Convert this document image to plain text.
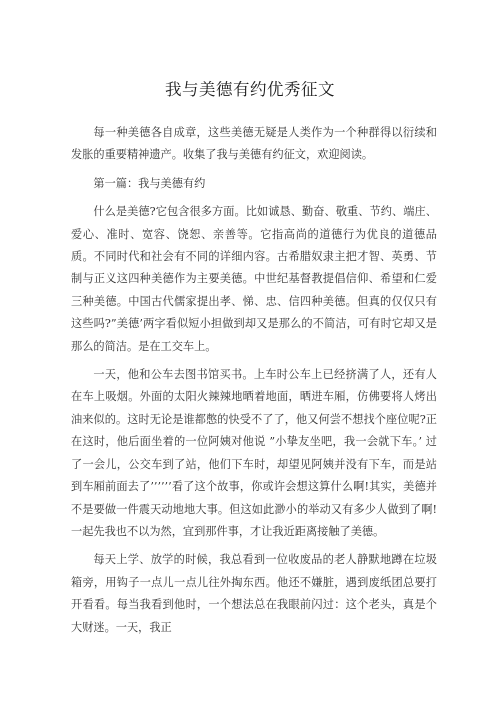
我与美德有约优秀征文

每一种美德各自成章，这些美德无疑是人类作为一个种群得以衍续和发胀的重要精神遗产。收集了我与美德有约征文，欢迎阅读。

第一篇：我与美德有约

什么是美德?它包含很多方面。比如诚恳、勤奋、敬重、节约、端庄、爱心、准时、宽容、饶恕、亲善等。它指高尚的道德行为优良的道德品质。不同时代和社会有不同的详细内容。古希腊奴隶主把才智、英勇、节制与正义这四种美德作为主要美德。中世纪基督教提倡信仰、希望和仁爱三种美德。中国古代儒家提出孝、悌、忠、信四种美德。但真的仅仅只有这些吗?”美德’两字看似短小担做到却又是那么的不简洁，可有时它却又是那么的简洁。是在工交车上。

一天，他和公车去图书馆买书。上车时公车上已经挤满了人，还有人在车上吸烟。外面的太阳火辣辣地晒着地面，晒进车厢，仿佛要将人烤出油来似的。这时无论是谁都憋的快受不了了，他又何尝不想找个座位呢?正在这时，他后面坐着的一位阿姨对他说 ”小挚友坐吧，我一会就下车。’ 过了一会儿，公交车到了站，他们下车时，却望见阿姨并没有下车，而是站到车厢前面去了’’’’’’看了这个故事，你或许会想这算什么啊!其实，美德并不是要做一件震天动地地大事。但这如此渺小的举动又有多少人做到了啊!一起先我也不以为然，宜到那件事，才让我近距离接触了美德。

每天上学、放学的时候，我总看到一位收废品的老人静默地蹲在垃圾箱旁，用钩子一点儿一点儿往外掏东西。他还不嫌脏，遇到废纸团总要打开看看。每当我看到他时，一个想法总在我眼前闪过：这个老头，真是个大财迷。一天，我正
